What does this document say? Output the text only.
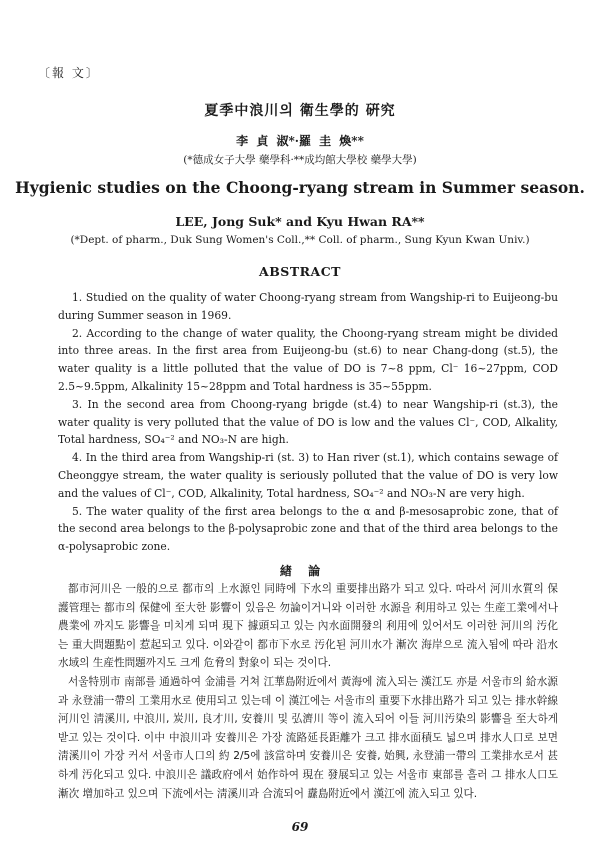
〔報 文〕
夏季中浪川의 衛生學的 硏究
李 貞 淑*·羅 圭 煥**
(*德成女子大學 藥學科·**成均館大學校 藥學大學)
Hygienic studies on the Choong-ryang stream in Summer season.
LEE, Jong Suk* and Kyu Hwan RA**
(*Dept. of pharm., Duk Sung Women's Coll.,** Coll. of pharm., Sung Kyun Kwan Univ.)
ABSTRACT

1. Studied on the quality of water Choong-ryang stream from Wangship-ri to Euijeong-bu during Summer season in 1969.

2. According to the change of water quality, the Choong-ryang stream might be divided into three areas. In the first area from Euijeong-bu (st.6) to near Chang-dong (st.5), the water quality is a little polluted that the value of DO is 7~8 ppm, Cl⁻ 16~27ppm, COD 2.5~9.5ppm, Alkalinity 15~28ppm and Total hardness is 35~55ppm.

3. In the second area from Choong-ryang brigde (st.4) to near Wangship-ri (st.3), the water quality is very polluted that the value of DO is low and the values Cl⁻, COD, Alkality, Total hardness, SO₄⁻² and NO₃-N are high.

4. In the third area from Wangship-ri (st. 3) to Han river (st.1), which contains sewage of Cheonggye stream, the water quality is seriously polluted that the value of DO is very low and the values of Cl⁻, COD, Alkalinity, Total hardness, SO₄⁻² and NO₃-N are very high.

5. The water quality of the first area belongs to the α and β-mesosaprobic zone, that of the second area belongs to the β-polysaprobic zone and that of the third area belongs to the α-polysaprobic zone.

緖 論

都市河川은 一般的으로 都市의 上水源인 同時에 下水의 重要排出路가 되고 있다. 따라서 河川水質의 保護管理는 都市의 保健에 至大한 影響이 있음은 勿論이거니와 이러한 水源을 利用하고 있는 生産工業에서나 農業에 까지도 影響을 미치게 되며 現下 據頭되고 있는 內水面開發의 利用에 있어서도 이러한 河川의 汚化는 重大問題點이 惹起되고 있다. 이와같이 都市下水로 汚化된 河川水가 漸次 海岸으로 流入됨에 따라 沿水水域의 生産性問題까지도 크게 危脅의 對象이 되는 것이다.

서울特別市 南部를 通過하여 金浦를 거쳐 江華島附近에서 黃海에 流入되는 漢江도 亦是 서울市의 給水源과 永登浦一帶의 工業用水로 使用되고 있는데 이 漢江에는 서울市의 重要下水排出路가 되고 있는 排水幹線河川인 淸溪川, 中浪川, 炭川, 良才川, 安養川 및 弘濟川 等이 流入되어 이들 河川汚染의 影響을 至大하게 받고 있는 것이다. 이中 中浪川과 安養川은 가장 流路延長距離가 크고 排水面積도 넓으며 排水人口로 보면 淸溪川이 가장 커서 서울市人口의 約 2/5에 該當하며 安養川은 安養, 始興, 永登浦一帶의 工業排水로서 甚하게 汚化되고 있다. 中浪川은 議政府에서 始作하여 現在 發展되고 있는 서울市 東部를 흘러 그 排水人口도 漸次 增加하고 있으며 下流에서는 淸溪川과 合流되어 纛島附近에서 漢江에 流入되고 있다.

69
